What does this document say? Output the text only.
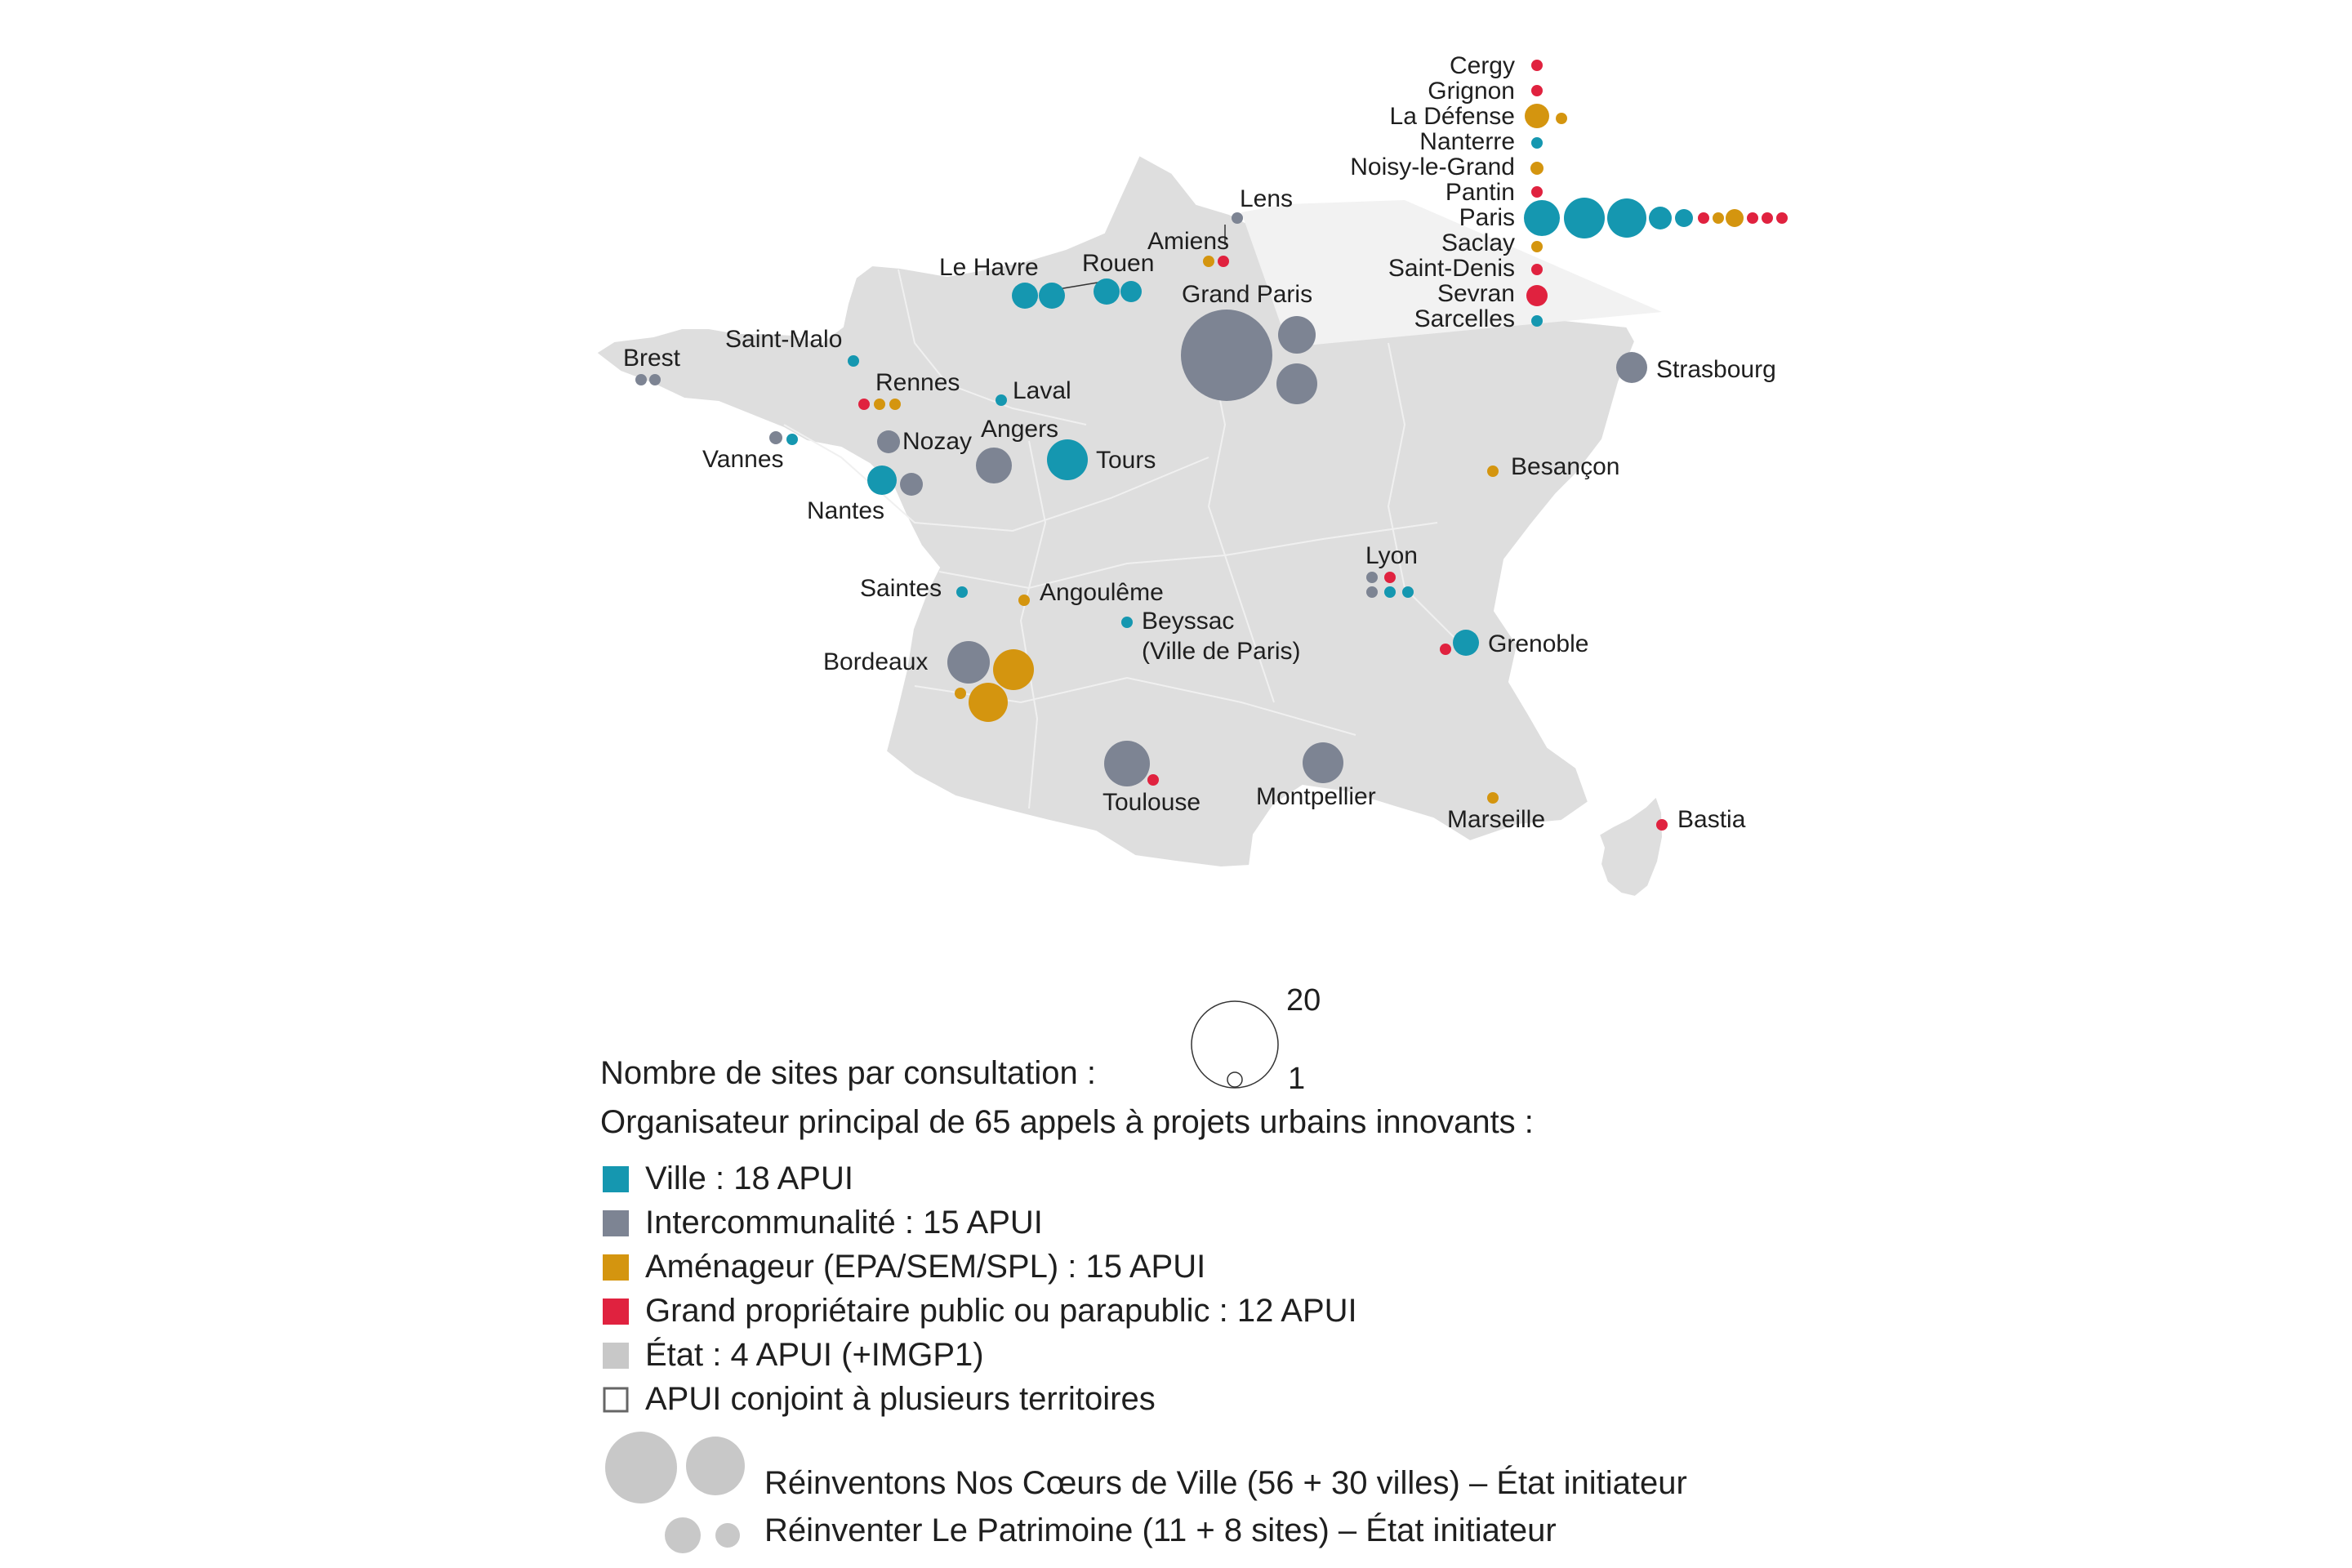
Lens
Amiens
Le Havre Rouen
Grand Paris
Saint-Malo
Brest
Rennes Laval
Vannes
Nozay Angers
Tours
Nantes
Strasbourg
Besançon
Lyon
Saintes	Angoulême
Beyssac
(Ville de Paris)
Bordeaux
Grenoble
Toulouse Montpellier
Marseille	Bastia
Cergy
Grignon
La Défense
Nanterre
Noisy-le-Grand
Pantin
Paris
Saclay
Saint-Denis
Sevran
Sarcelles
20
1
Nombre de sites par consultation :
Organisateur principal de 65 appels à projets urbains innovants :
Ville : 18 APUI
Intercommunalité : 15 APUI
Aménageur (EPA/SEM/SPL) : 15 APUI
Grand propriétaire public ou parapublic : 12 APUI
État : 4 APUI (+IMGP1)
APUI conjoint à plusieurs territoires
Réinventons Nos Cœurs de Ville (56 + 30 villes) – État initiateur
Réinventer Le Patrimoine (11 + 8 sites) – État initiateur
